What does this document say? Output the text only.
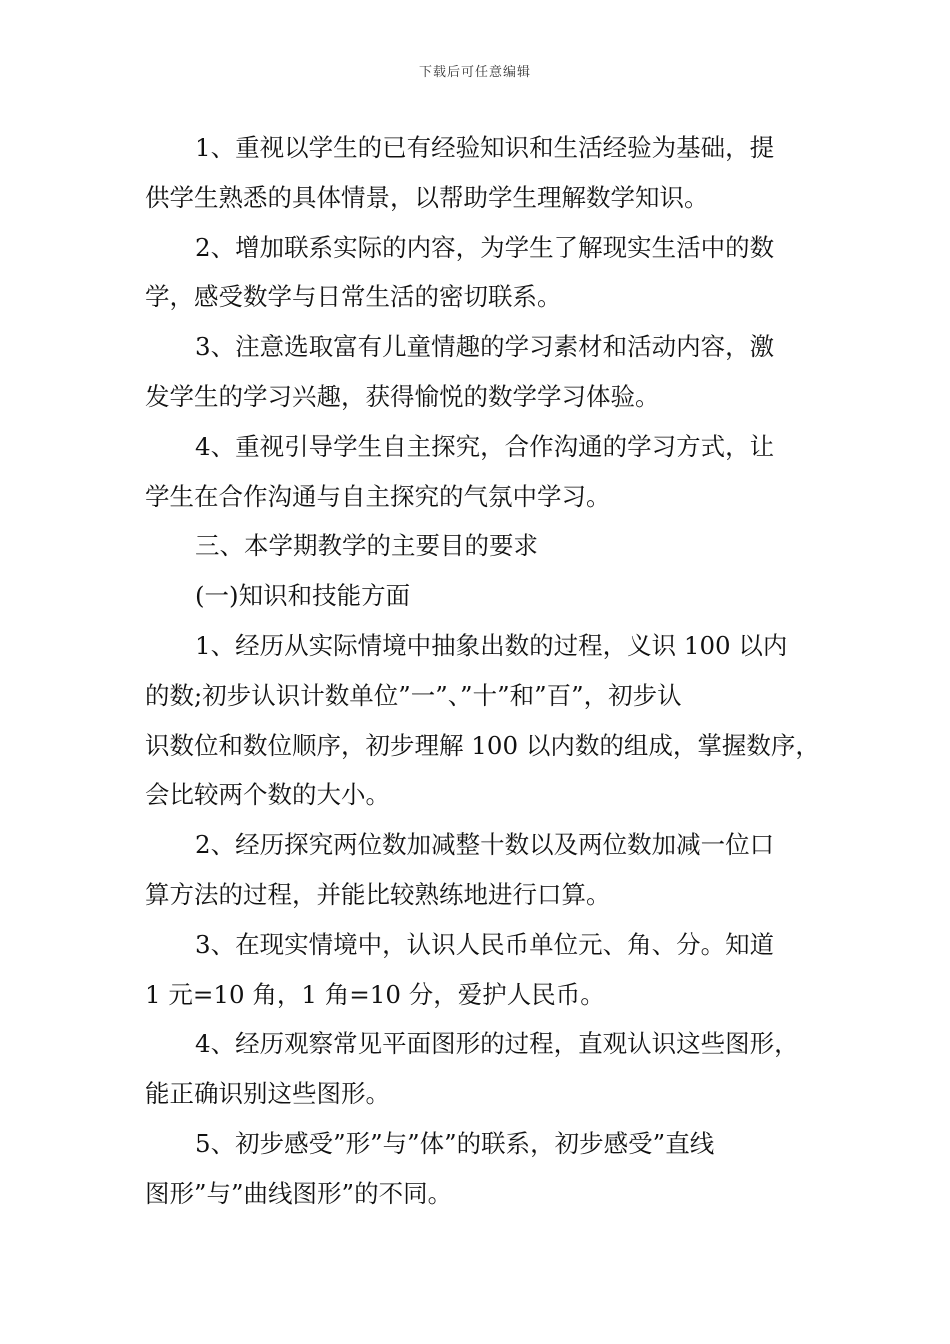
下载后可任意编辑
1、重视以学生的已有经验知识和生活经验为基础，提
供学生熟悉的具体情景，以帮助学生理解数学知识。
2、增加联系实际的内容，为学生了解现实生活中的数
学，感受数学与日常生活的密切联系。
3、注意选取富有儿童情趣的学习素材和活动内容，激
发学生的学习兴趣，获得愉悦的数学学习体验。
4、重视引导学生自主探究，合作沟通的学习方式，让
学生在合作沟通与自主探究的气氛中学习。
三、本学期教学的主要目的要求
(一)知识和技能方面
1、经历从实际情境中抽象出数的过程，义识 100 以内
的数;初步认识计数单位”一”、”十”和”百”，初步认
识数位和数位顺序，初步理解 100 以内数的组成，掌握数序，
会比较两个数的大小。
2、经历探究两位数加减整十数以及两位数加减一位口
算方法的过程，并能比较熟练地进行口算。
3、在现实情境中，认识人民币单位元、角、分。知道
1 元=10 角，1 角=10 分，爱护人民币。
4、经历观察常见平面图形的过程，直观认识这些图形，
能正确识别这些图形。
5、初步感受”形”与”体”的联系，初步感受”直线
图形”与”曲线图形”的不同。
